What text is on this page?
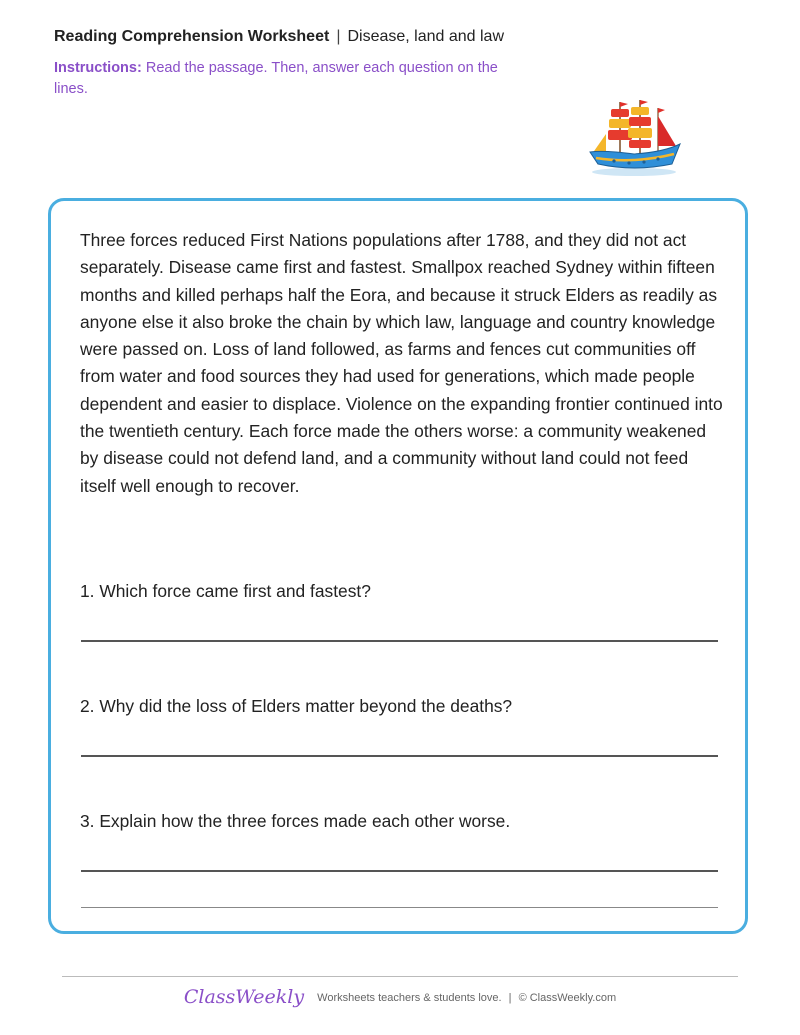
Reading Comprehension Worksheet | Disease, land and law
Instructions: Read the passage. Then, answer each question on the lines.
Three forces reduced First Nations populations after 1788, and they did not act separately. Disease came first and fastest. Smallpox reached Sydney within fifteen months and killed perhaps half the Eora, and because it struck Elders as readily as anyone else it also broke the chain by which law, language and country knowledge were passed on. Loss of land followed, as farms and fences cut communities off from water and food sources they had used for generations, which made people dependent and easier to displace. Violence on the expanding frontier continued into the twentieth century. Each force made the others worse: a community weakened by disease could not defend land, and a community without land could not feed itself well enough to recover.
1. Which force came first and fastest?
2. Why did the loss of Elders matter beyond the deaths?
3. Explain how the three forces made each other worse.
ClassWeekly Worksheets teachers & students love. | © ClassWeekly.com
